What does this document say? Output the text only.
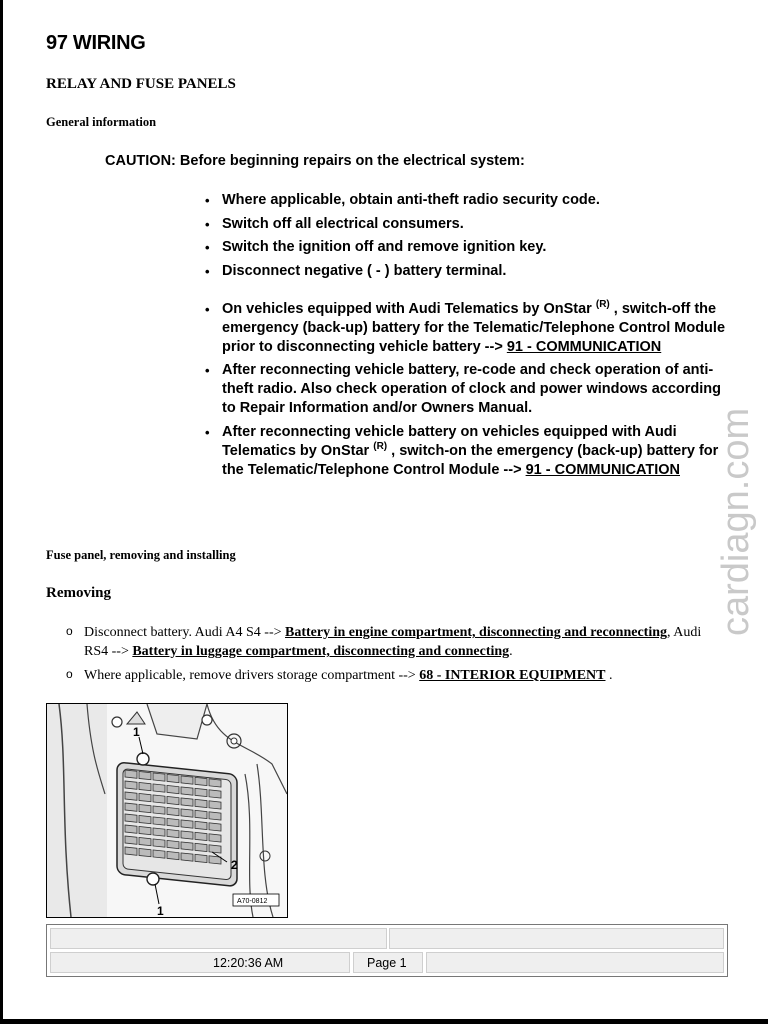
97 WIRING
RELAY AND FUSE PANELS
General information
CAUTION: Before beginning repairs on the electrical system:
• Where applicable, obtain anti-theft radio security code.
• Switch off all electrical consumers.
• Switch the ignition off and remove ignition key.
• Disconnect negative ( - ) battery terminal.
• On vehicles equipped with Audi Telematics by OnStar $^{(R)}$ , switch-off the emergency (back-up) battery for the Telematic/Telephone Control Module prior to disconnecting vehicle battery --> 91 - COMMUNICATION
• After reconnecting vehicle battery, re-code and check operation of anti-theft radio. Also check operation of clock and power windows according to Repair Information and/or Owners Manual.
• After reconnecting vehicle battery on vehicles equipped with Audi Telematics by OnStar $^{(R)}$ , switch-on the emergency (back-up) battery for the Telematic/Telephone Control Module --> 91 - COMMUNICATION
Fuse panel, removing and installing
Removing
o Disconnect battery. Audi A4 S4 --> Battery in engine compartment, disconnecting and reconnecting, Audi RS4 --> Battery in luggage compartment, disconnecting and connecting.
o Where applicable, remove drivers storage compartment --> 68 - INTERIOR EQUIPMENT .
1
1
2
A70-0812
cardiagn.com
12:20:36 AM	Page 1
